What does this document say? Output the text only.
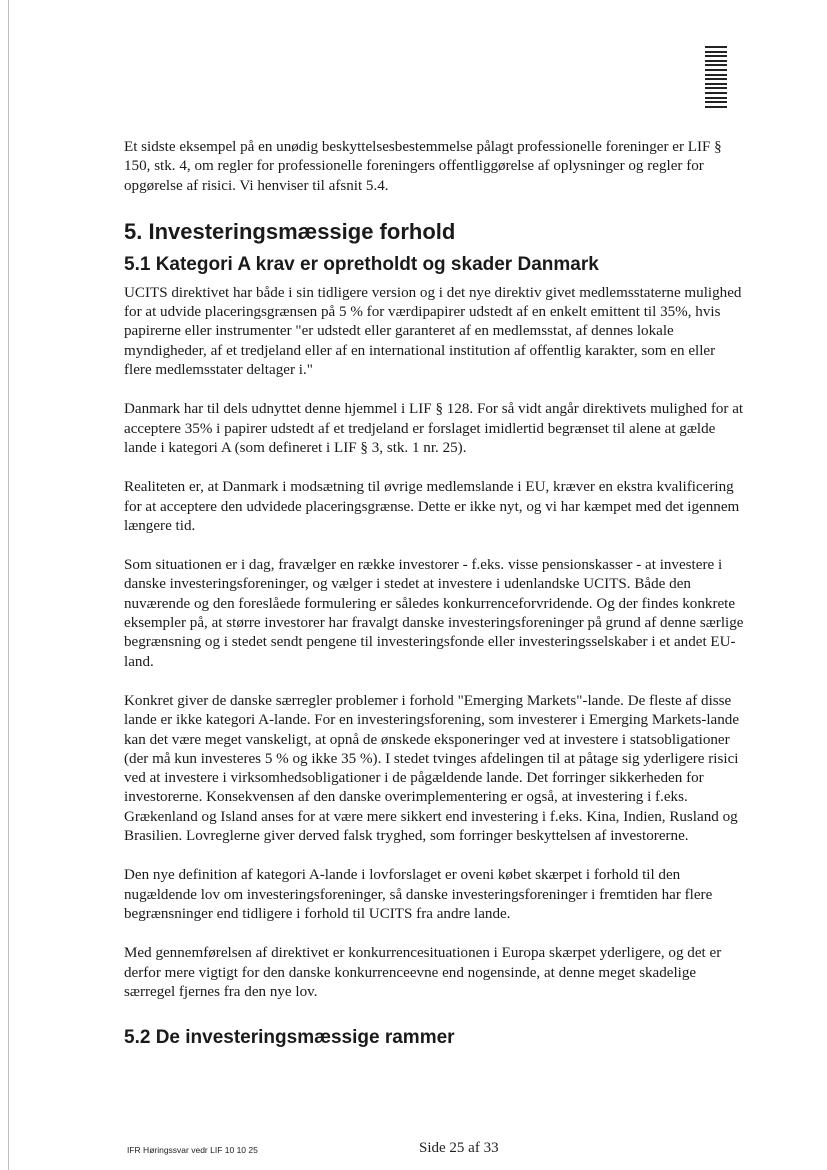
Et sidste eksempel på en unødig beskyttelsesbestemmelse pålagt professionelle foreninger er LIF § 150, stk. 4, om regler for professionelle foreningers offentliggørelse af oplysninger og regler for opgørelse af risici. Vi henviser til afsnit 5.4.

5. Investeringsmæssige forhold
5.1 Kategori A krav er opretholdt og skader Danmark

UCITS direktivet har både i sin tidligere version og i det nye direktiv givet medlemsstaterne mulighed for at udvide placeringsgrænsen på 5 % for værdipapirer udstedt af en enkelt emittent til 35%, hvis papirerne eller instrumenter "er udstedt eller garanteret af en medlemsstat, af dennes lokale myndigheder, af et tredjeland eller af en international institution af offentlig karakter, som en eller flere medlemsstater deltager i."

Danmark har til dels udnyttet denne hjemmel i LIF § 128. For så vidt angår direktivets mulighed for at acceptere 35% i papirer udstedt af et tredjeland er forslaget imidlertid begrænset til alene at gælde lande i kategori A (som defineret i LIF § 3, stk. 1 nr. 25).

Realiteten er, at Danmark i modsætning til øvrige medlemslande i EU, kræver en ekstra kvalificering for at acceptere den udvidede placeringsgrænse. Dette er ikke nyt, og vi har kæmpet med det igennem længere tid.

Som situationen er i dag, fravælger en række investorer - f.eks. visse pensionskasser - at investere i danske investeringsforeninger, og vælger i stedet at investere i udenlandske UCITS. Både den nuværende og den foreslåede formulering er således konkurrenceforvridende. Og der findes konkrete eksempler på, at større investorer har fravalgt danske investeringsforeninger på grund af denne særlige begrænsning og i stedet sendt pengene til investeringsfonde eller investeringsselskaber i et andet EU-land.

Konkret giver de danske særregler problemer i forhold "Emerging Markets"-lande. De fleste af disse lande er ikke kategori A-lande. For en investeringsforening, som investerer i Emerging Markets-lande kan det være meget vanskeligt, at opnå de ønskede eksponeringer ved at investere i statsobligationer (der må kun investeres 5 % og ikke 35 %). I stedet tvinges afdelingen til at påtage sig yderligere risici ved at investere i virksomhedsobligationer i de pågældende lande. Det forringer sikkerheden for investorerne. Konsekvensen af den danske overimplementering er også, at investering i f.eks. Grækenland og Island anses for at være mere sikkert end investering i f.eks. Kina, Indien, Rusland og Brasilien. Lovreglerne giver derved falsk tryghed, som forringer beskyttelsen af investorerne.

Den nye definition af kategori A-lande i lovforslaget er oveni købet skærpet i forhold til den nugældende lov om investeringsforeninger, så danske investeringsforeninger i fremtiden har flere begrænsninger end tidligere i forhold til UCITS fra andre lande.

Med gennemførelsen af direktivet er konkurrencesituationen i Europa skærpet yderligere, og det er derfor mere vigtigt for den danske konkurrenceevne end nogensinde, at denne meget skadelige særregel fjernes fra den nye lov.

5.2 De investeringsmæssige rammer
IFR Høringssvar vedr LIF 10 10 25	Side 25 af 33
